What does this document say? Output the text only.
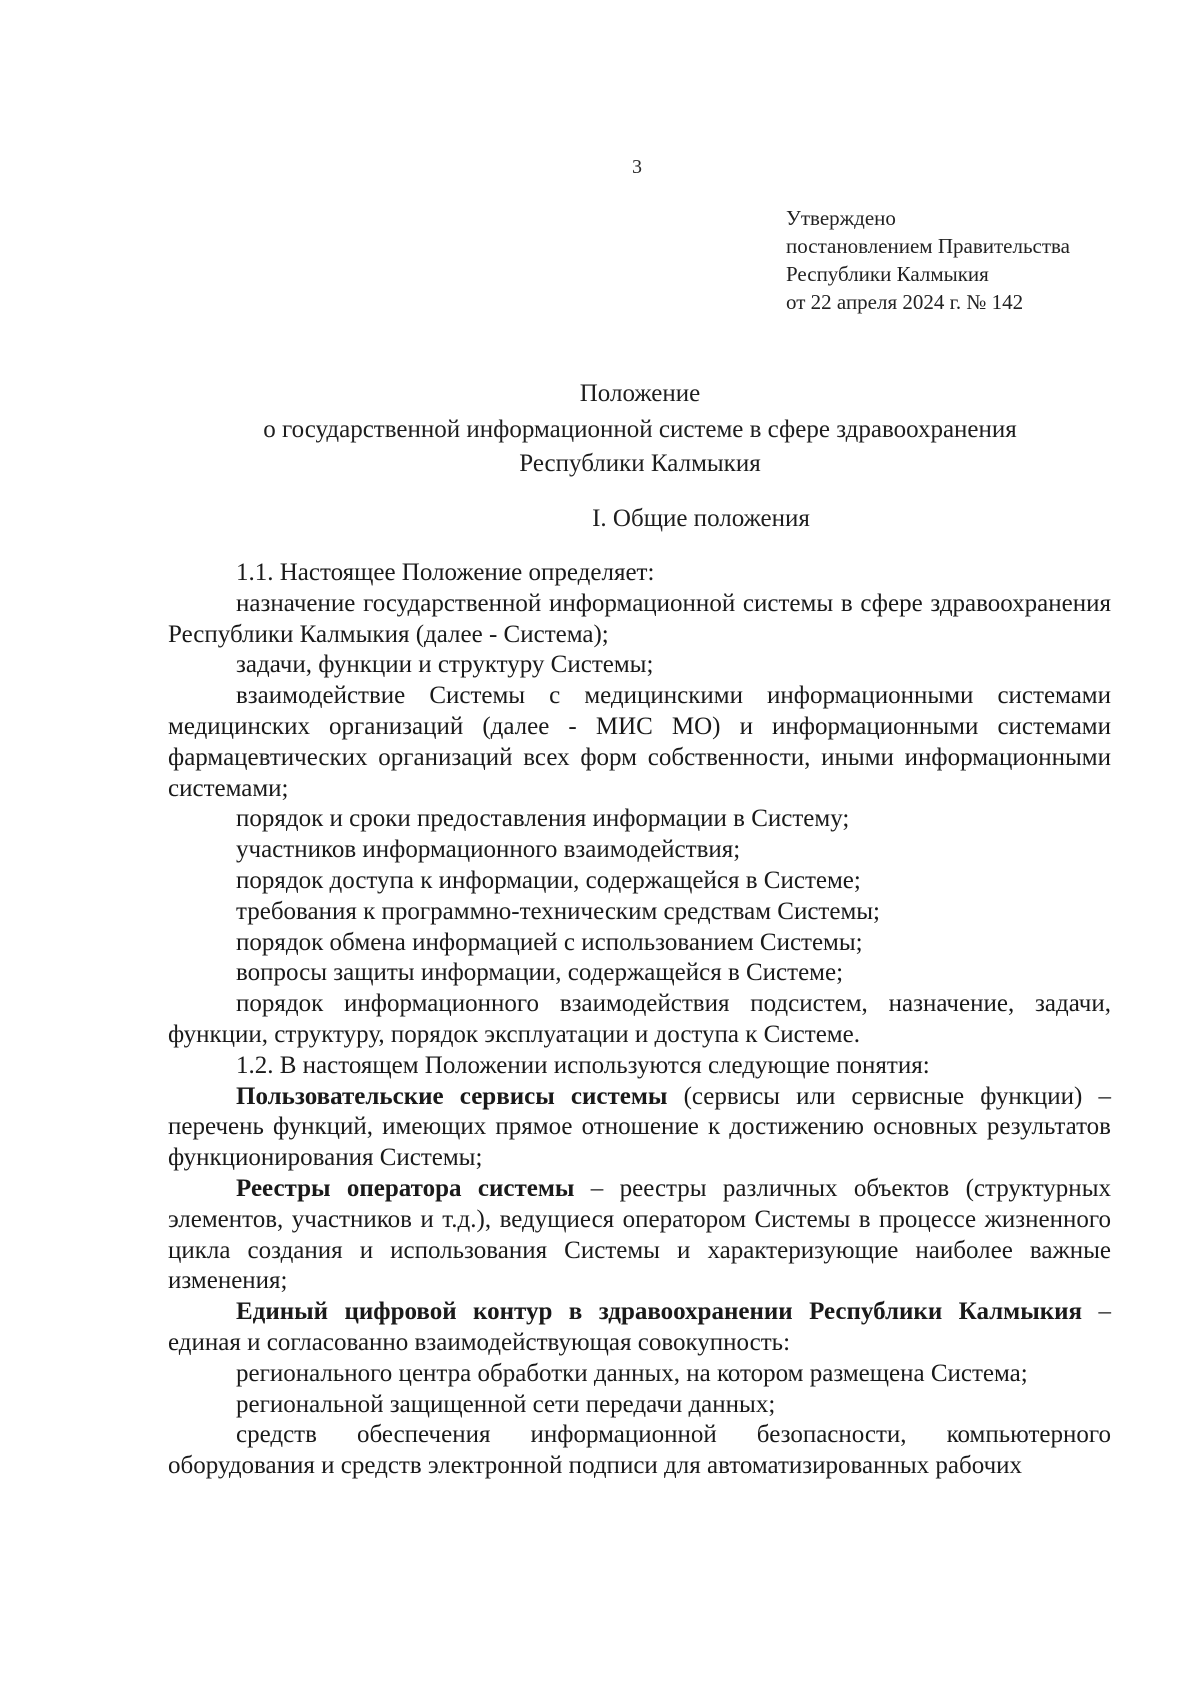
3
Утверждено
постановлением Правительства
Республики Калмыкия
от 22 апреля 2024 г. № 142
Положение
о государственной информационной системе в сфере здравоохранения
Республики Калмыкия
I. Общие положения

1.1. Настоящее Положение определяет:

назначение государственной информационной системы в сфере здравоохранения Республики Калмыкия (далее - Система);

задачи, функции и структуру Системы;

взаимодействие Системы с медицинскими информационными системами медицинских организаций (далее - МИС МО) и информационными системами фармацевтических организаций всех форм собственности, иными информационными системами;

порядок и сроки предоставления информации в Систему;

участников информационного взаимодействия;

порядок доступа к информации, содержащейся в Системе;

требования к программно-техническим средствам Системы;

порядок обмена информацией с использованием Системы;

вопросы защиты информации, содержащейся в Системе;

порядок информационного взаимодействия подсистем, назначение, задачи, функции, структуру, порядок эксплуатации и доступа к Системе.

1.2. В настоящем Положении используются следующие понятия:

Пользовательские сервисы системы (сервисы или сервисные функции) – перечень функций, имеющих прямое отношение к достижению основных результатов функционирования Системы;

Реестры оператора системы – реестры различных объектов (структурных элементов, участников и т.д.), ведущиеся оператором Системы в процессе жизненного цикла создания и использования Системы и характеризующие наиболее важные изменения;

Единый цифровой контур в здравоохранении Республики Калмыкия – единая и согласованно взаимодействующая совокупность:

регионального центра обработки данных, на котором размещена Система;

региональной защищенной сети передачи данных;

средств обеспечения информационной безопасности, компьютерного оборудования и средств электронной подписи для автоматизированных рабочих
